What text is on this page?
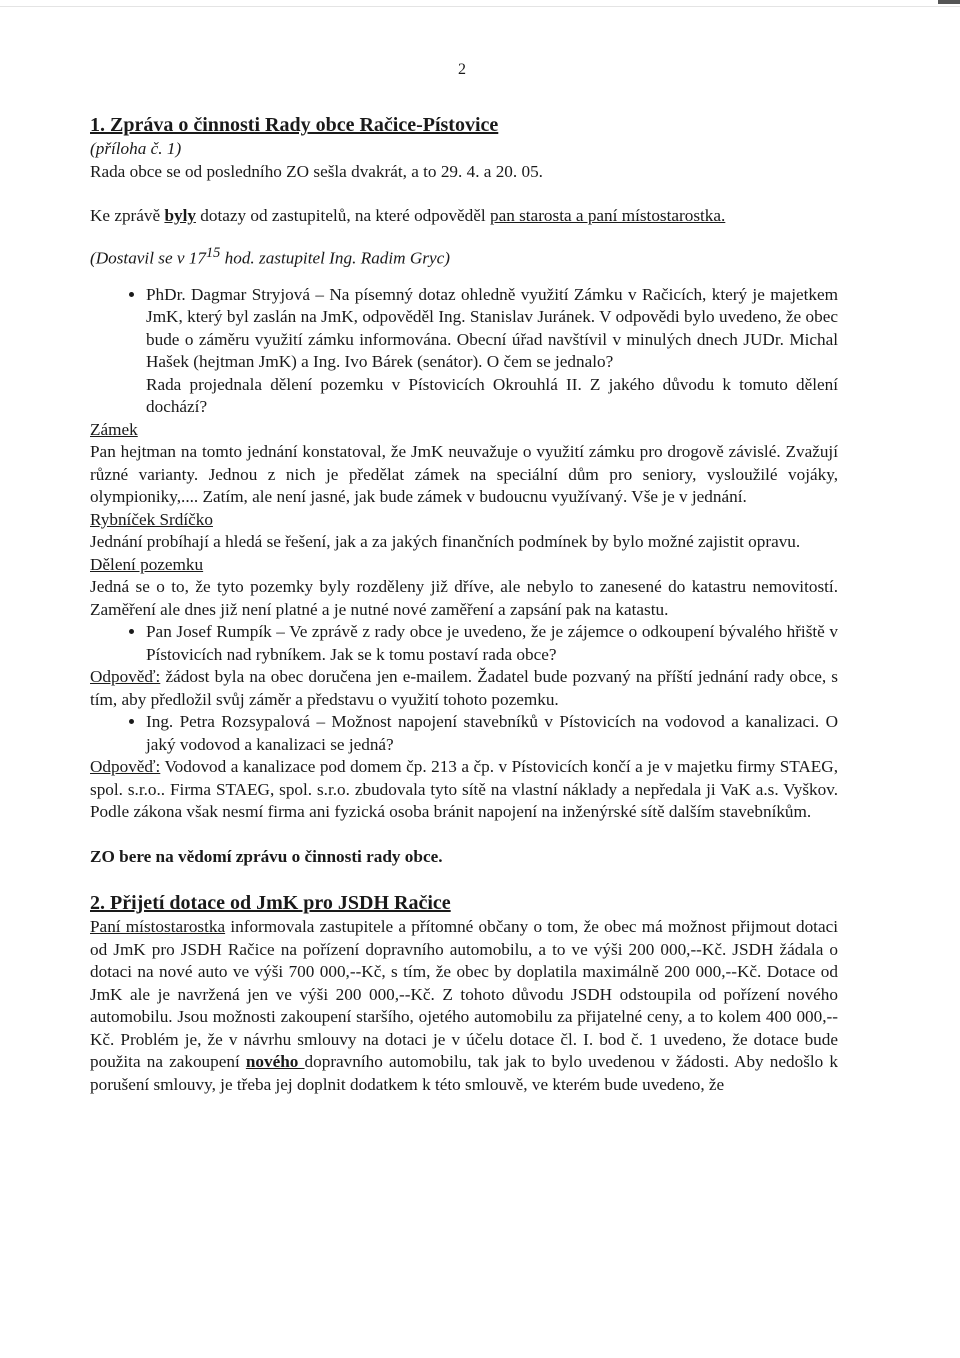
2
1. Zpráva o činnosti Rady obce Račice-Pístovice

(příloha č. 1)

Rada obce se od posledního ZO sešla dvakrát, a to 29. 4. a 20. 05.

Ke zprávě byly dotazy od zastupitelů, na které odpověděl pan starosta a paní místostarostka.

(Dostavil se v $17^{15}$ hod. zastupitel Ing. Radim Gryc)

• PhDr. Dagmar Stryjová – Na písemný dotaz ohledně využití Zámku v Račicích, který je majetkem JmK, který byl zaslán na JmK, odpověděl Ing. Stanislav Juránek. V odpovědi bylo uvedeno, že obec bude o záměru využití zámku informována. Obecní úřad navštívil v minulých dnech JUDr. Michal Hašek (hejtman JmK) a Ing. Ivo Bárek (senátor). O čem se jednalo?

Rada projednala dělení pozemku v Pístovicích Okrouhlá II. Z jakého důvodu k tomuto dělení dochází?

Zámek

Pan hejtman na tomto jednání konstatoval, že JmK neuvažuje o využití zámku pro drogově závislé. Zvažují různé varianty. Jednou z nich je předělat zámek na speciální dům pro seniory, vysloužilé vojáky, olympioniky,.... Zatím, ale není jasné, jak bude zámek v budoucnu využívaný. Vše je v jednání.

Rybníček Srdíčko

Jednání probíhají a hledá se řešení, jak a za jakých finančních podmínek by bylo možné zajistit opravu.

Dělení pozemku

Jedná se o to, že tyto pozemky byly rozděleny již dříve, ale nebylo to zanesené do katastru nemovitostí. Zaměření ale dnes již není platné a je nutné nové zaměření a zapsání pak na katastu.

• Pan Josef Rumpík – Ve zprávě z rady obce je uvedeno, že je zájemce o odkoupení bývalého hřiště v Pístovicích nad rybníkem. Jak se k tomu postaví rada obce?

Odpověď: žádost byla na obec doručena jen e-mailem. Žadatel bude pozvaný na příští jednání rady obce, s tím, aby předložil svůj záměr a představu o využití tohoto pozemku.

• Ing. Petra Rozsypalová – Možnost napojení stavebníků v Pístovicích na vodovod a kanalizaci. O jaký vodovod a kanalizaci se jedná?

Odpověď: Vodovod a kanalizace pod domem čp. 213 a čp. v Pístovicích končí a je v majetku firmy STAEG, spol. s.r.o.. Firma STAEG, spol. s.r.o. zbudovala tyto sítě na vlastní náklady a nepředala ji VaK a.s. Vyškov. Podle zákona však nesmí firma ani fyzická osoba bránit napojení na inženýrské sítě dalším stavebníkům.

ZO bere na vědomí zprávu o činnosti rady obce.

2. Přijetí dotace od JmK pro JSDH Račice

Paní místostarostka informovala zastupitele a přítomné občany o tom, že obec má možnost přijmout dotaci od JmK pro JSDH Račice na pořízení dopravního automobilu, a to ve výši 200 000,--Kč. JSDH žádala o dotaci na nové auto ve výši 700 000,--Kč, s tím, že obec by doplatila maximálně 200 000,--Kč. Dotace od JmK ale je navržená jen ve výši 200 000,--Kč. Z tohoto důvodu JSDH odstoupila od pořízení nového automobilu. Jsou možnosti zakoupení staršího, ojetého automobilu za přijatelné ceny, a to kolem 400 000,--Kč. Problém je, že v návrhu smlouvy na dotaci je v účelu dotace čl. I. bod č. 1 uvedeno, že dotace bude použita na zakoupení nového dopravního automobilu, tak jak to bylo uvedenou v žádosti. Aby nedošlo k porušení smlouvy, je třeba jej doplnit dodatkem k této smlouvě, ve kterém bude uvedeno, že
